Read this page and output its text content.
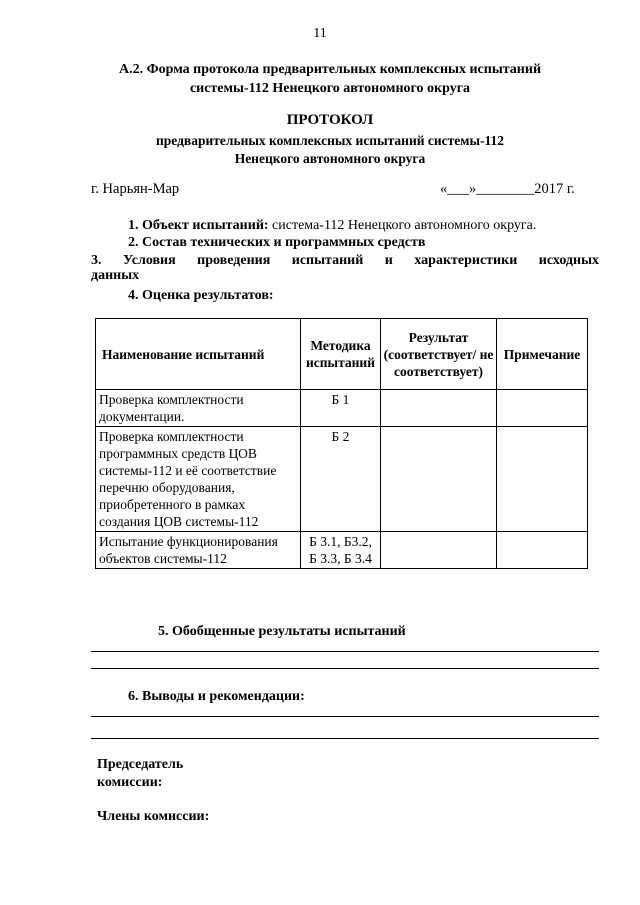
11
А.2. Форма протокола предварительных комплексных испытаний
системы-112 Ненецкого автономного округа
ПРОТОКОЛ
предварительных комплексных испытаний системы-112
Ненецкого автономного округа
г. Нарьян-Мар	«___»________2017 г.
1. Объект испытаний: система-112 Ненецкого автономного округа.
2. Состав технических и программных средств
3. Условия проведения испытаний и характеристики исходных
данных
4. Оценка результатов:
Наименование испытаний	Методика испытаний	Результат (соответствует/ не соответствует)	Примечание
Проверка комплектности документации.	Б 1		
Проверка комплектности программных средств ЦОВ системы-112 и её соответствие перечню оборудования, приобретенного в рамках создания ЦОВ системы-112	Б 2		
Испытание функционирования объектов системы-112	Б 3.1, Б3.2, Б 3.3, Б 3.4		
5. Обобщенные результаты испытаний
6. Выводы и рекомендации:
Председатель
комиссии:
Члены комиссии:
